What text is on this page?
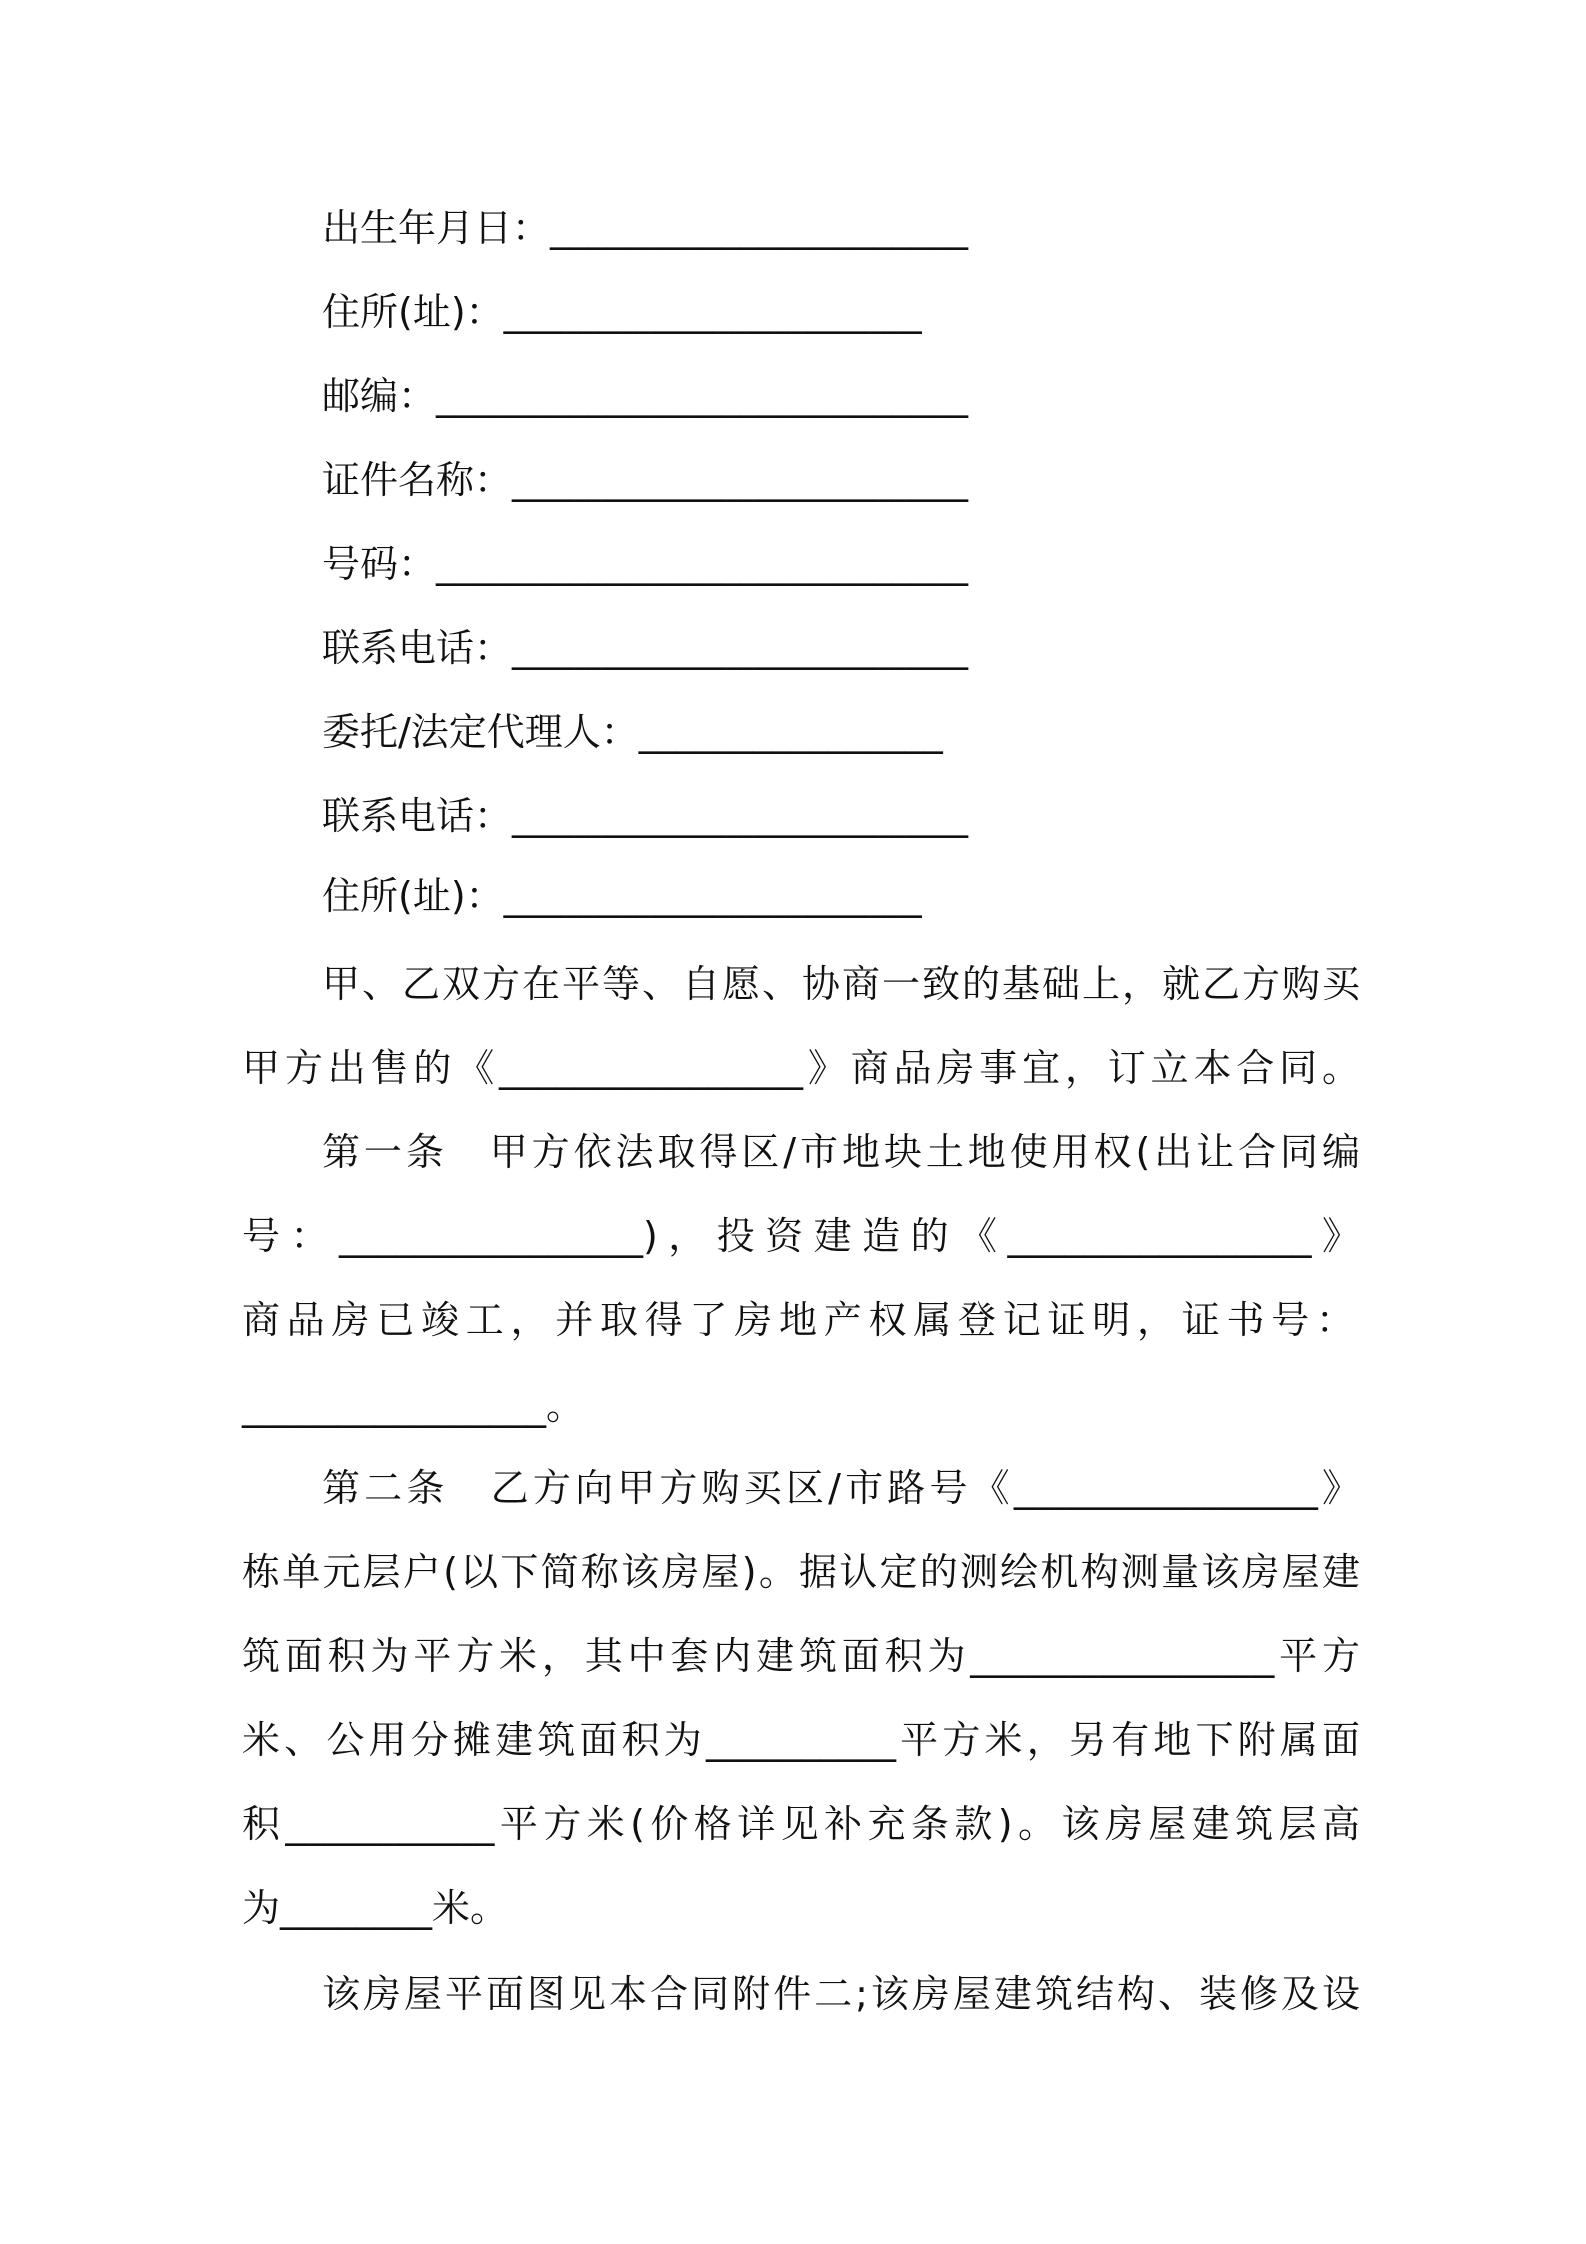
出生年月日：______________________
住所(址)：______________________
邮编：____________________________
证件名称：________________________
号码：____________________________
联系电话：________________________
委托/法定代理人：________________
联系电话：________________________
住所(址)：______________________
甲、乙双方在平等、自愿、协商一致的基础上，就乙方购买
甲方出售的《________________》商品房事宜，订立本合同。
第一条　甲方依法取得区/市地块土地使用权(出让合同编
号：________________)，投资建造的《________________》
商品房已竣工，并取得了房地产权属登记证明，证书号：
________________。
第二条　乙方向甲方购买区/市路号《________________》
栋单元层户(以下简称该房屋)。据认定的测绘机构测量该房屋建
筑面积为平方米，其中套内建筑面积为________________平方
米、公用分摊建筑面积为__________平方米，另有地下附属面
积___________平方米(价格详见补充条款)。该房屋建筑层高
为________米。
该房屋平面图见本合同附件二;该房屋建筑结构、装修及设
